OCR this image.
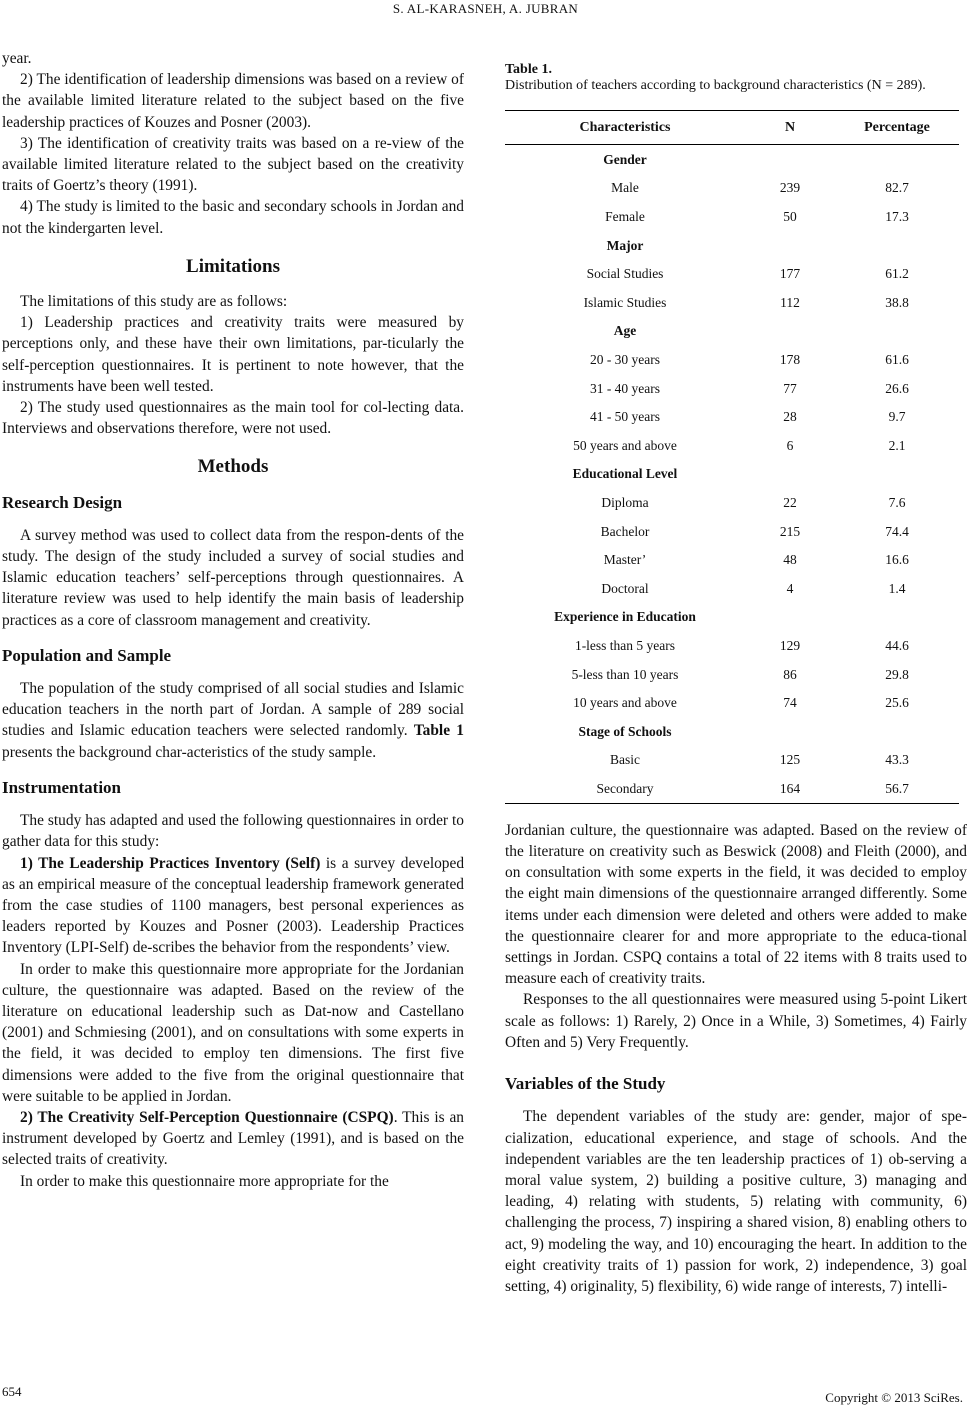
S. AL-KARASNEH, A. JUBRAN

year.

2) The identification of leadership dimensions was based on a review of the available limited literature related to the subject based on the five leadership practices of Kouzes and Posner (2003).

3) The identification of creativity traits was based on a re-view of the available limited literature related to the subject based on the creativity traits of Goertz’s theory (1991).

4) The study is limited to the basic and secondary schools in Jordan and not the kindergarten level.

Limitations

The limitations of this study are as follows:

1) Leadership practices and creativity traits were measured by perceptions only, and these have their own limitations, par-ticularly the self-perception questionnaires. It is pertinent to note however, that the instruments have been well tested.

2) The study used questionnaires as the main tool for col-lecting data. Interviews and observations therefore, were not used.

Methods
Research Design

A survey method was used to collect data from the respon-dents of the study. The design of the study included a survey of social studies and Islamic education teachers’ self-perceptions through questionnaires. A literature review was used to help identify the main basis of leadership practices as a core of classroom management and creativity.

Population and Sample

The population of the study comprised of all social studies and Islamic education teachers in the north part of Jordan. A sample of 289 social studies and Islamic education teachers were selected randomly. Table 1 presents the background char-acteristics of the study sample.

Instrumentation

The study has adapted and used the following questionnaires in order to gather data for this study:

1) The Leadership Practices Inventory (Self) is a survey developed as an empirical measure of the conceptual leadership framework generated from the case studies of 1100 managers, best personal experiences as leaders reported by Kouzes and Posner (2003). Leadership Practices Inventory (LPI-Self) de-scribes the behavior from the respondents’ view.

In order to make this questionnaire more appropriate for the Jordanian culture, the questionnaire was adapted. Based on the review of the literature on educational leadership such as Dat-now and Castellano (2001) and Schmiesing (2001), and on consultations with some experts in the field, it was decided to employ ten dimensions. The first five dimensions were added to the five from the original questionnaire that were suitable to be applied in Jordan.

2) The Creativity Self-Perception Questionnaire (CSPQ). This is an instrument developed by Goertz and Lemley (1991), and is based on the selected traits of creativity.

In order to make this questionnaire more appropriate for the

Table 1.
Distribution of teachers according to background characteristics (N = 289).
Characteristics	N	Percentage
Gender		
Male	239	82.7
Female	50	17.3
Major		
Social Studies	177	61.2
Islamic Studies	112	38.8
Age		
20 - 30 years	178	61.6
31 - 40 years	77	26.6
41 - 50 years	28	9.7
50 years and above	6	2.1
Educational Level		
Diploma	22	7.6
Bachelor	215	74.4
Master’	48	16.6
Doctoral	4	1.4
Experience in Education		
1-less than 5 years	129	44.6
5-less than 10 years	86	29.8
10 years and above	74	25.6
Stage of Schools		
Basic	125	43.3
Secondary	164	56.7

Jordanian culture, the questionnaire was adapted. Based on the review of the literature on creativity such as Beswick (2008) and Fleith (2000), and on consultation with some experts in the field, it was decided to employ the eight main dimensions of the questionnaire arranged differently. Some items under each dimension were deleted and others were added to make the questionnaire clearer for and more appropriate to the educa-tional settings in Jordan. CSPQ contains a total of 22 items with 8 traits used to measure each of creativity traits.

Responses to the all questionnaires were measured using 5-point Likert scale as follows: 1) Rarely, 2) Once in a While, 3) Sometimes, 4) Fairly Often and 5) Very Frequently.

Variables of the Study

The dependent variables of the study are: gender, major of spe-cialization, educational experience, and stage of schools. And the independent variables are the ten leadership practices of 1) ob-serving a moral value system, 2) building a positive culture, 3) managing and leading, 4) relating with students, 5) relating with community, 6) challenging the process, 7) inspiring a shared vision, 8) enabling others to act, 9) modeling the way, and 10) encouraging the heart. In addition to the eight creativity traits of 1) passion for work, 2) independence, 3) goal setting, 4) originality, 5) flexibility, 6) wide range of interests, 7) intelli-

654	Copyright © 2013 SciRes.
